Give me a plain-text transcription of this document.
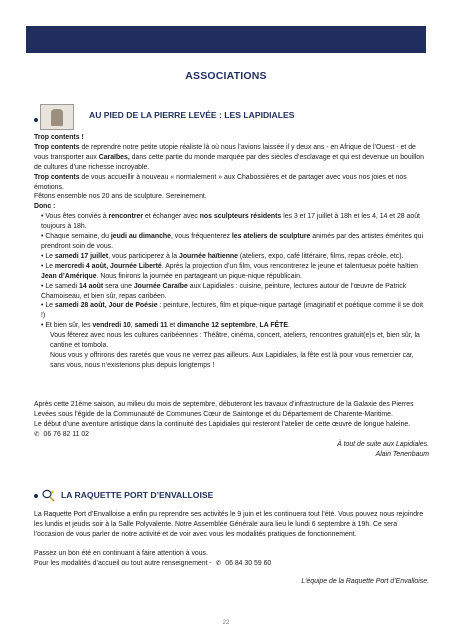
ASSOCIATIONS
AU PIED DE LA PIERRE LEVÉE : LES LAPIDIALES

Trop contents !

Trop contents de reprendre notre petite utopie réaliste là où nous l’avions laissée il y deux ans - en Afrique de l’Ouest - et de vous transporter aux Caraïbes, dans cette partie du monde marquée par des siècles d’esclavage et qui est devenue un bouillon de cultures d’une richesse incroyable.

Trop contents de vous accueillir à nouveau « normalement » aux Chabossières et de partager avec vous nos joies et nos émotions.

Fêtons ensemble nos 20 ans de sculpture. Sereinement.

Donc :

• Vous êtes conviés à rencontrer et échanger avec nos sculpteurs résidents les 3 et 17 juillet à 18h et les 4, 14 et 28 août toujours à 18h.

• Chaque semaine, du jeudi au dimanche, vous fréquenterez les ateliers de sculpture animés par des artistes émérites qui prendront soin de vous.

• Le samedi 17 juillet, vous participerez à la Journée haïtienne (ateliers, expo, café littéraire, films, repas créole, etc).

• Le mercredi 4 août, Journée Liberté. Après la projection d’un film, vous rencontrerez le jeune et talentueux poète haïtien Jean d’Amérique. Nous finirons la journée en partageant un pique-nique républicain.

• Le samedi 14 août sera une Journée Caraïbe aux Lapidiales : cuisine, peinture, lectures autour de l’œuvre de Patrick Chamoiseau, et bien sûr, repas caribéen.

• Le samedi 28 août, Jour de Poésie : peinture, lectures, film et pique-nique partagé (imaginatif et poétique comme il se doit !)

• Et bien sûr, les vendredi 10, samedi 11 et dimanche 12 septembre, LA FÊTE.

Vous fêterez avec nous les cultures caribéennes : Théâtre, cinéma, concert, ateliers, rencontres gratuit(e)s et, bien sûr, la cantine et tombola.

Nous vous y offrirons des raretés que vous ne verrez pas ailleurs. Aux Lapidiales, la fête est là pour vous remercier car, sans vous, nous n’existerions plus depuis longtemps !

Après cette 21ème saison, au milieu du mois de septembre, débuteront les travaux d’infrastructure de la Galaxie des Pierres Levées sous l’égide de la Communauté de Communes Cœur de Saintonge et du Département de Charente-Maritime.

Le début d’une aventure artistique dans la continuité des Lapidiales qui resteront l’atelier de cette œuvre de longue haleine.

✆ 06 76 82 11 02

À tout de suite aux Lapidiales.

Alain Tenenbaum

LA RAQUETTE PORT D’ENVALLOISE

La Raquette Port d’Envalloise a enfin pu reprendre ses activités le 9 juin et les continuera tout l’été. Vous pouvez nous rejoindre les lundis et jeudis soir à la Salle Polyvalente. Notre Assemblée Générale aura lieu le lundi 6 septembre à 19h. Ce sera l’occasion de vous parler de notre activité et de voir avec vous les modalités pratiques de fonctionnement.

Passez un bon été en continuant à faire attention à vous.

Pour les modalités d’accueil ou tout autre renseignement - ✆ 06 84 30 59 60

L’équipe de la Raquette Port d’Envalloise.

22
